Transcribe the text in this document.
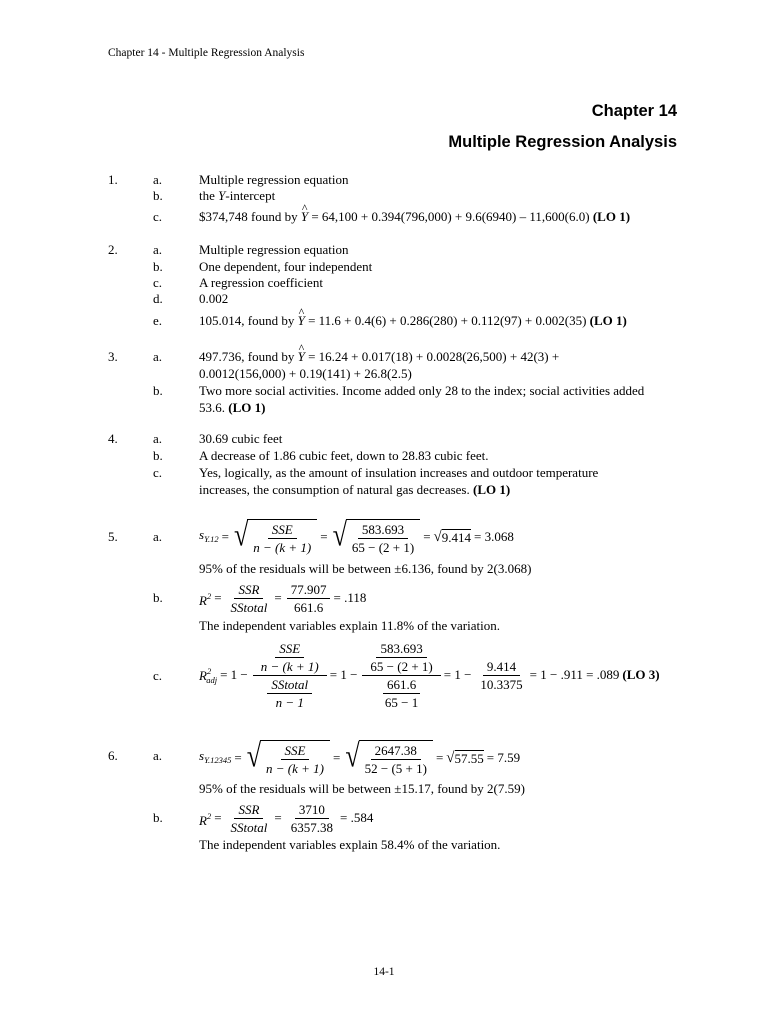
Chapter 14 - Multiple Regression Analysis
Chapter 14
Multiple Regression Analysis
1.	a.	Multiple regression equation
b.	the Y-intercept
c.	$374,748 found by ^ Y = 64,100 + 0.394(796,000) + 9.6(6940) – 11,600(6.0) (LO 1)
2.	a.	Multiple regression equation
b.	One dependent, four independent
c.	A regression coefficient
d.	0.002
e.	105.014, found by ^ Y = 11.6 + 0.4(6) + 0.286(280) + 0.112(97) + 0.002(35) (LO 1)
3.	a.	497.736, found by ^ Y = 16.24 + 0.017(18) + 0.0028(26,500) + 42(3) +
0.0012(156,000) + 0.19(141) + 26.8(2.5)
b.	Two more social activities. Income added only 28 to the index; social activities added
53.6. (LO 1)
4.	a.	30.69 cubic feet
b.	A decrease of 1.86 cubic feet, down to 28.83 cubic feet.
c.	Yes, logically, as the amount of insulation increases and outdoor temperature
increases, the consumption of natural gas decreases. (LO 1)
5.	a.	$s_{Y.12}$ = √ $\frac{\text{SSE}}{n - (k + 1)}$ = √ $\frac{583.693}{65 - (2 + 1)}$ = √ 9.414 = 3.068
95% of the residuals will be between ±6.136, found by 2(3.068)
b.	$R^2 = \frac{\text{SSR}}{\text{SStotal}} = \frac{77.907}{661.6} = .118$
The independent variables explain 11.8% of the variation.
c.	$R^2_{adj} = 1 - \frac{\frac{\text{SSE}}{n - (k + 1)}}{\frac{\text{SStotal}}{n - 1}} = 1 - \frac{\frac{583.693}{65 - (2 + 1)}}{\frac{661.6}{65 - 1}} = 1 - \frac{9.414}{10.3375} = 1 - .911 = .089$ (LO 3)
6.	a.	$s_{Y.12345}$ = √ $\frac{\text{SSE}}{n - (k + 1)}$ = √ $\frac{2647.38}{52 - (5 + 1)}$ = √ 57.55 = 7.59
95% of the residuals will be between ±15.17, found by 2(7.59)
b.	$R^2 = \frac{\text{SSR}}{\text{SStotal}} = \frac{3710}{6357.38} = .584$
The independent variables explain 58.4% of the variation.
14-1
